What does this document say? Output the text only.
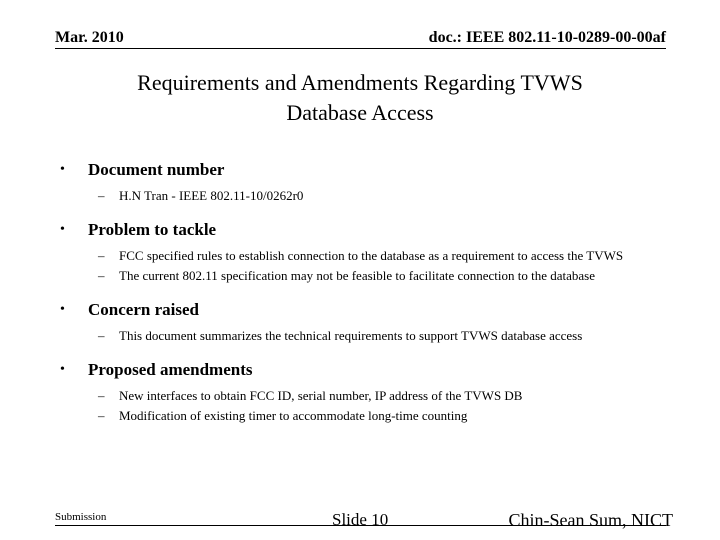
Mar. 2010	doc.: IEEE 802.11-10-0289-00-00af
Requirements and Amendments Regarding TVWS
Database Access
• Document number
– H.N Tran - IEEE 802.11-10/0262r0
• Problem to tackle
– FCC specified rules to establish connection to the database as a requirement to access the TVWS
– The current 802.11 specification may not be feasible to facilitate connection to the database
• Concern raised
– This document summarizes the technical requirements to support TVWS database access
• Proposed amendments
– New interfaces to obtain FCC ID, serial number, IP address of the TVWS DB
– Modification of existing timer to accommodate long-time counting
Submission	Slide 10	Chin-Sean Sum, NICT
